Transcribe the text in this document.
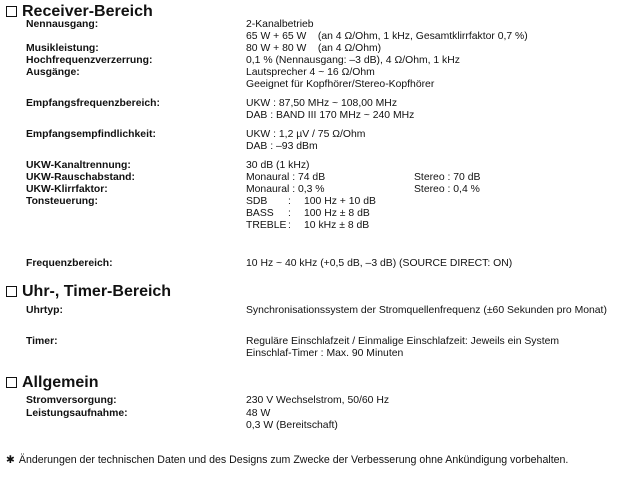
Receiver-Bereich
Nennausgang:	2-Kanalbetrieb
65 W + 65 W    (an 4 Ω/Ohm, 1 kHz, Gesamtklirrfaktor 0,7 %)
Musikleistung:	80 W + 80 W    (an 4 Ω/Ohm)
Hochfrequenzverzerrung:	0,1 % (Nennausgang: –3 dB), 4 Ω/Ohm, 1 kHz
Ausgänge:	Lautsprecher 4 ~ 16 Ω/Ohm
Geeignet für Kopfhörer/Stereo-Kopfhörer
Empfangsfrequenzbereich:	UKW : 87,50 MHz ~ 108,00 MHz
DAB : BAND III 170 MHz ~ 240 MHz
Empfangsempfindlichkeit:	UKW : 1,2 µV / 75 Ω/Ohm
DAB : –93 dBm
UKW-Kanaltrennung:	30 dB (1 kHz)
UKW-Rauschabstand:	Monaural : 74 dB	Stereo : 70 dB
UKW-Klirrfaktor:	Monaural : 0,3 %	Stereo : 0,4 %
Tonsteuerung:	SDB : 100 Hz + 10 dB
BASS : 100 Hz ± 8 dB
TREBLE : 10 kHz ± 8 dB
Frequenzbereich:	10 Hz ~ 40 kHz (+0,5 dB, –3 dB) (SOURCE DIRECT: ON)
Uhr-, Timer-Bereich
Uhrtyp:	Synchronisationssystem der Stromquellenfrequenz (±60 Sekunden pro Monat)
Timer:	Reguläre Einschlafzeit / Einmalige Einschlafzeit: Jeweils ein System
Einschlaf-Timer : Max. 90 Minuten
Allgemein
Stromversorgung:	230 V Wechselstrom, 50/60 Hz
Leistungsaufnahme:	48 W
0,3 W (Bereitschaft)
✱ Änderungen der technischen Daten und des Designs zum Zwecke der Verbesserung ohne Ankündigung vorbehalten.
